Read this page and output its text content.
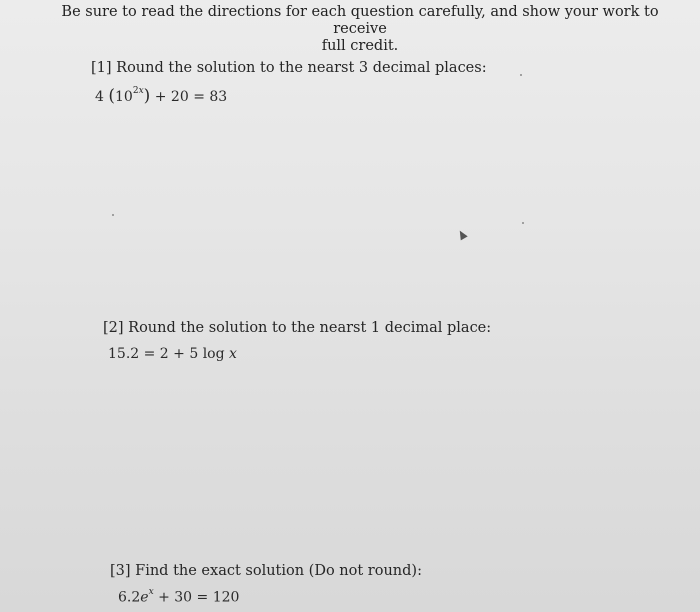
Be sure to read the directions for each question carefully, and show your work to receive
full credit.
[1] Round the solution to the nearst 3 decimal places:
4 $(10^{2x}) + 20 = 83$
[2] Round the solution to the nearst 1 decimal place:
15.2 = 2 + 5 log x
[3] Find the exact solution (Do not round):
$6.2e^x + 30 = 120$
